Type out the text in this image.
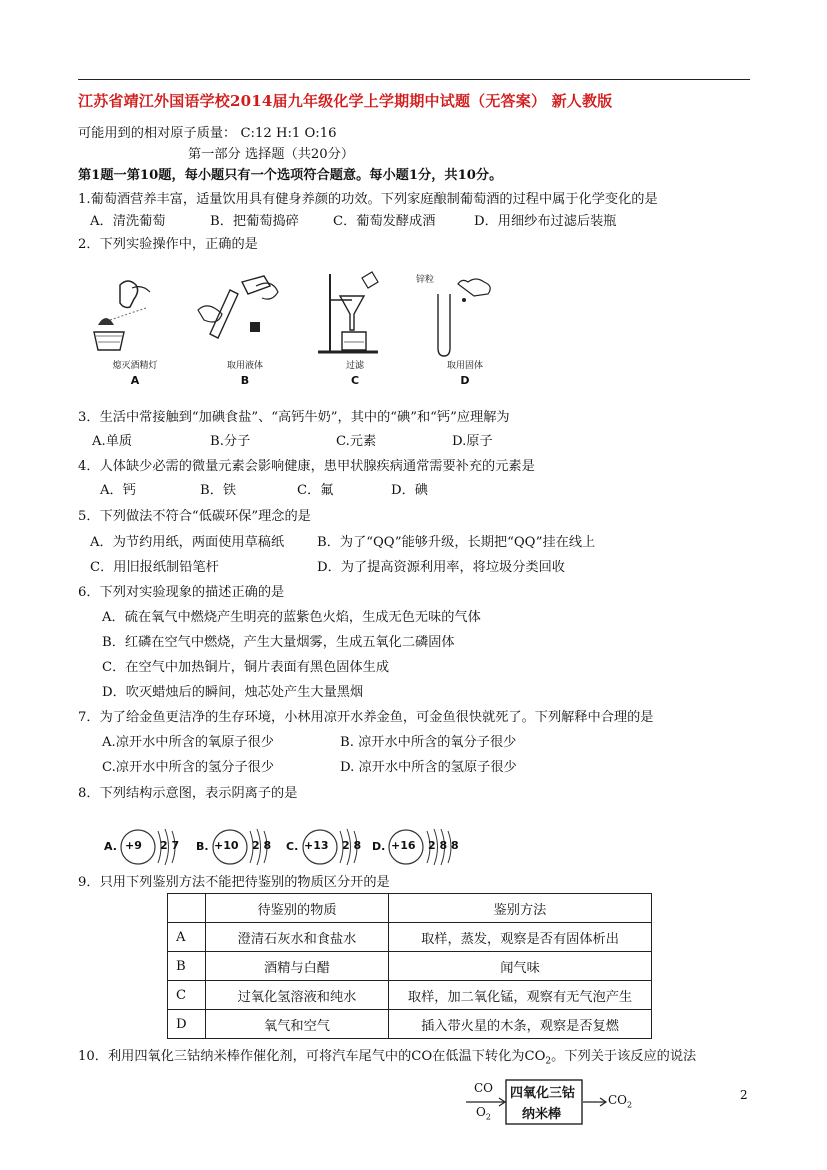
江苏省靖江外国语学校2014届九年级化学上学期期中试题（无答案） 新人教版
可能用到的相对原子质量： C:12 H:1 O:16
第一部分 选择题（共20分）
第1题一第10题，每小题只有一个选项符合题意。每小题1分，共10分。
1.葡萄酒营养丰富，适量饮用具有健身养颜的功效。下列家庭酿制葡萄酒的过程中属于化学变化的是
A．清洗葡萄	B．把葡萄捣碎	C．葡萄发酵成酒	D．用细纱布过滤后装瓶
2．下列实验操作中，正确的是
熄灭酒精灯
A
取用液体
B
过滤
C
锌粒
取用固体
D
3．生活中常接触到“加碘食盐”、“高钙牛奶”，其中的“碘”和“钙”应理解为
A.单质	B.分子	C.元素	D.原子
4．人体缺少必需的微量元素会影响健康，患甲状腺疾病通常需要补充的元素是
A．钙	B．铁	C．氟	D．碘
5．下列做法不符合“低碳环保”理念的是
A．为节约用纸，两面使用草稿纸 B．为了“QQ”能够升级，长期把“QQ”挂在线上
C．用旧报纸制铅笔杆	D．为了提高资源利用率，将垃圾分类回收
6．下列对实验现象的描述正确的是
A．硫在氧气中燃烧产生明亮的蓝紫色火焰，生成无色无味的气体
B．红磷在空气中燃烧，产生大量烟雾，生成五氧化二磷固体
C．在空气中加热铜片，铜片表面有黑色固体生成
D．吹灭蜡烛后的瞬间，烛芯处产生大量黑烟
7．为了给金鱼更洁净的生存环境，小林用凉开水养金鱼，可金鱼很快就死了。下列解释中合理的是
A.凉开水中所含的氧原子很少	B. 凉开水中所含的氧分子很少
C.凉开水中所含的氢分子很少	D. 凉开水中所含的氢原子很少
8．下列结构示意图，表示阴离子的是
A. +9 2 7 B. +10 2 8 C. +13 2 8 D. +16 2 8 8
9．只用下列鉴别方法不能把待鉴别的物质区分开的是
	待鉴别的物质	鉴别方法
A	澄清石灰水和食盐水	取样，蒸发，观察是否有固体析出
B	酒精与白醋	闻气味
C	过氧化氢溶液和纯水	取样，加二氧化锰，观察有无气泡产生
D	氧气和空气	插入带火星的木条，观察是否复燃
10．利用四氧化三钴纳米棒作催化剂，可将汽车尾气中的CO在低温下转化为$CO_2$。下列关于该反应的说法
CO
$O_2$
四氧化三钴
纳米棒
$CO_2$
2
